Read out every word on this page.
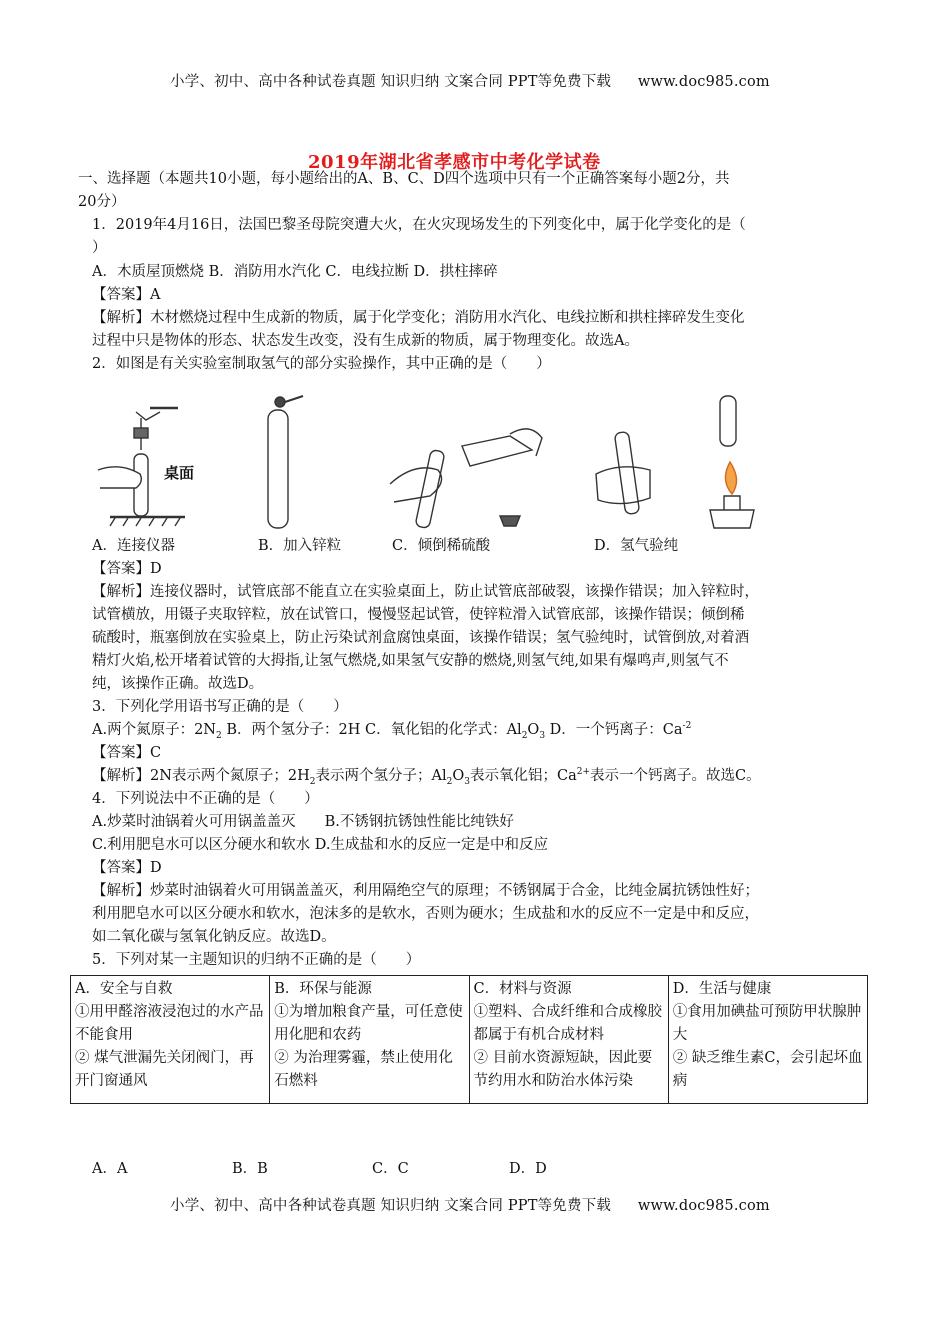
小学、初中、高中各种试卷真题 知识归纳 文案合同 PPT等免费下载 www.doc985.com
2019年湖北省孝感市中考化学试卷
一、选择题（本题共10小题，每小题给出的A、B、C、D四个选项中只有一个正确答案每小题2分，共
20分）
1．2019年4月16日，法国巴黎圣母院突遭大火，在火灾现场发生的下列变化中，属于化学变化的是（
）
A．木质屋顶燃烧 B．消防用水汽化 C．电线拉断 D．拱柱摔碎
【答案】A
【解析】木材燃烧过程中生成新的物质，属于化学变化；消防用水汽化、电线拉断和拱柱摔碎发生变化
过程中只是物体的形态、状态发生改变，没有生成新的物质，属于物理变化。故选A。
2．如图是有关实验室制取氢气的部分实验操作，其中正确的是（　　）
桌面
A．连接仪器	B．加入锌粒	C．倾倒稀硫酸	D．氢气验纯
【答案】D
【解析】连接仪器时，试管底部不能直立在实验桌面上，防止试管底部破裂，该操作错误；加入锌粒时，
试管横放，用镊子夹取锌粒，放在试管口，慢慢竖起试管，使锌粒滑入试管底部，该操作错误；倾倒稀
硫酸时，瓶塞倒放在实验桌上，防止污染试剂盒腐蚀桌面，该操作错误；氢气验纯时，试管倒放,对着酒
精灯火焰,松开堵着试管的大拇指,让氢气燃烧,如果氢气安静的燃烧,则氢气纯,如果有爆鸣声,则氢气不
纯，该操作正确。故选D。
3．下列化学用语书写正确的是（　　）
A.两个氮原子：$2N_2$ B．两个氢分子：2H C．氧化铝的化学式：$Al_2O_3$ D．一个钙离子：$Ca^{-2}$
【答案】C
【解析】2N表示两个氮原子；$2H_2$表示两个氢分子；$Al_2O_3$表示氧化铝；$Ca^{2+}$表示一个钙离子。故选C。
4．下列说法中不正确的是（　　）
A.炒菜时油锅着火可用锅盖盖灭　　B.不锈钢抗锈蚀性能比纯铁好
C.利用肥皂水可以区分硬水和软水 D.生成盐和水的反应一定是中和反应
【答案】D
【解析】炒菜时油锅着火可用锅盖盖灭，利用隔绝空气的原理；不锈钢属于合金，比纯金属抗锈蚀性好；
利用肥皂水可以区分硬水和软水，泡沫多的是软水，否则为硬水；生成盐和水的反应不一定是中和反应，
如二氧化碳与氢氧化钠反应。故选D。
5．下列对某一主题知识的归纳不正确的是（　　）
A．安全与自救
①用甲醛溶液浸泡过的水产品不能食用
② 煤气泄漏先关闭阀门，再开门窗通风

B．环保与能源
①为增加粮食产量，可任意使用化肥和农药
② 为治理雾霾，禁止使用化石燃料

C．材料与资源
①塑料、合成纤维和合成橡胶都属于有机合成材料
② 目前水资源短缺，因此要节约用水和防治水体污染

D．生活与健康
①食用加碘盐可预防甲状腺肿大
② 缺乏维生素C，会引起坏血病
A．A	B．B	C．C	D．D
小学、初中、高中各种试卷真题 知识归纳 文案合同 PPT等免费下载 www.doc985.com
